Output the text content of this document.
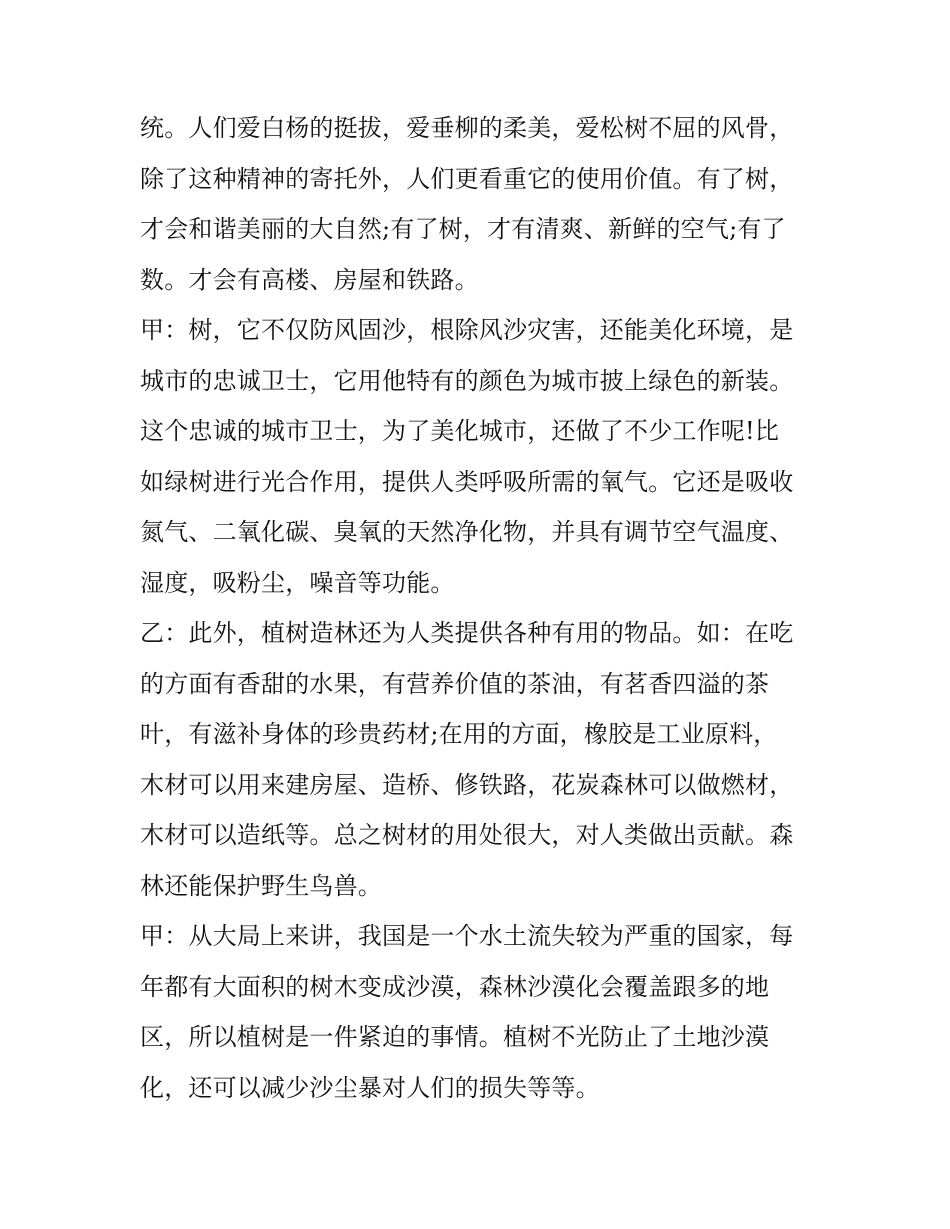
统。人们爱白杨的挺拔，爱垂柳的柔美，爱松树不屈的风骨，
除了这种精神的寄托外，人们更看重它的使用价值。有了树，
才会和谐美丽的大自然;有了树，才有清爽、新鲜的空气;有了
数。才会有高楼、房屋和铁路。
甲：树，它不仅防风固沙，根除风沙灾害，还能美化环境，是
城市的忠诚卫士，它用他特有的颜色为城市披上绿色的新装。
这个忠诚的城市卫士，为了美化城市，还做了不少工作呢!比
如绿树进行光合作用，提供人类呼吸所需的氧气。它还是吸收
氮气、二氧化碳、臭氧的天然净化物，并具有调节空气温度、
湿度，吸粉尘，噪音等功能。
乙：此外，植树造林还为人类提供各种有用的物品。如：在吃
的方面有香甜的水果，有营养价值的茶油，有茗香四溢的茶
叶，有滋补身体的珍贵药材;在用的方面，橡胶是工业原料，
木材可以用来建房屋、造桥、修铁路，花炭森林可以做燃材，
木材可以造纸等。总之树材的用处很大，对人类做出贡献。森
林还能保护野生鸟兽。
甲：从大局上来讲，我国是一个水土流失较为严重的国家，每
年都有大面积的树木变成沙漠，森林沙漠化会覆盖跟多的地
区，所以植树是一件紧迫的事情。植树不光防止了土地沙漠
化，还可以减少沙尘暴对人们的损失等等。
